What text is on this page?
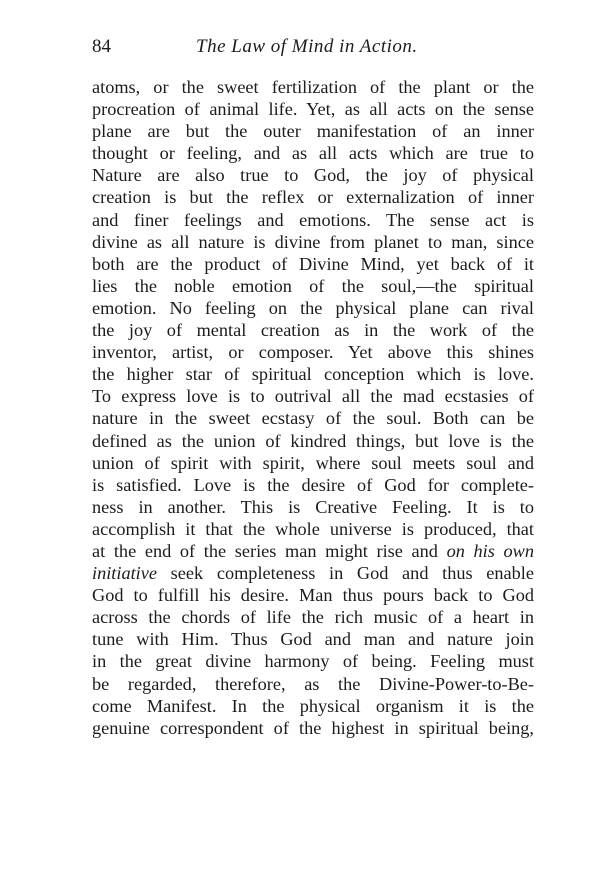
84	The Law of Mind in Action.
atoms, or the sweet fertilization of the plant or the
procreation of animal life. Yet, as all acts on the sense
plane are but the outer manifestation of an inner
thought or feeling, and as all acts which are true to
Nature are also true to God, the joy of physical
creation is but the reflex or externalization of inner
and finer feelings and emotions. The sense act is
divine as all nature is divine from planet to man, since
both are the product of Divine Mind, yet back of it
lies the noble emotion of the soul,—the spiritual
emotion. No feeling on the physical plane can rival
the joy of mental creation as in the work of the
inventor, artist, or composer. Yet above this shines
the higher star of spiritual conception which is love.
To express love is to outrival all the mad ecstasies of
nature in the sweet ecstasy of the soul. Both can be
defined as the union of kindred things, but love is the
union of spirit with spirit, where soul meets soul and
is satisfied. Love is the desire of God for complete-
ness in another. This is Creative Feeling. It is to
accomplish it that the whole universe is produced, that
at the end of the series man might rise and on his own
initiative seek completeness in God and thus enable
God to fulfill his desire. Man thus pours back to God
across the chords of life the rich music of a heart in
tune with Him. Thus God and man and nature join
in the great divine harmony of being. Feeling must
be regarded, therefore, as the Divine-Power-to-Be-
come Manifest. In the physical organism it is the
genuine correspondent of the highest in spiritual being,
